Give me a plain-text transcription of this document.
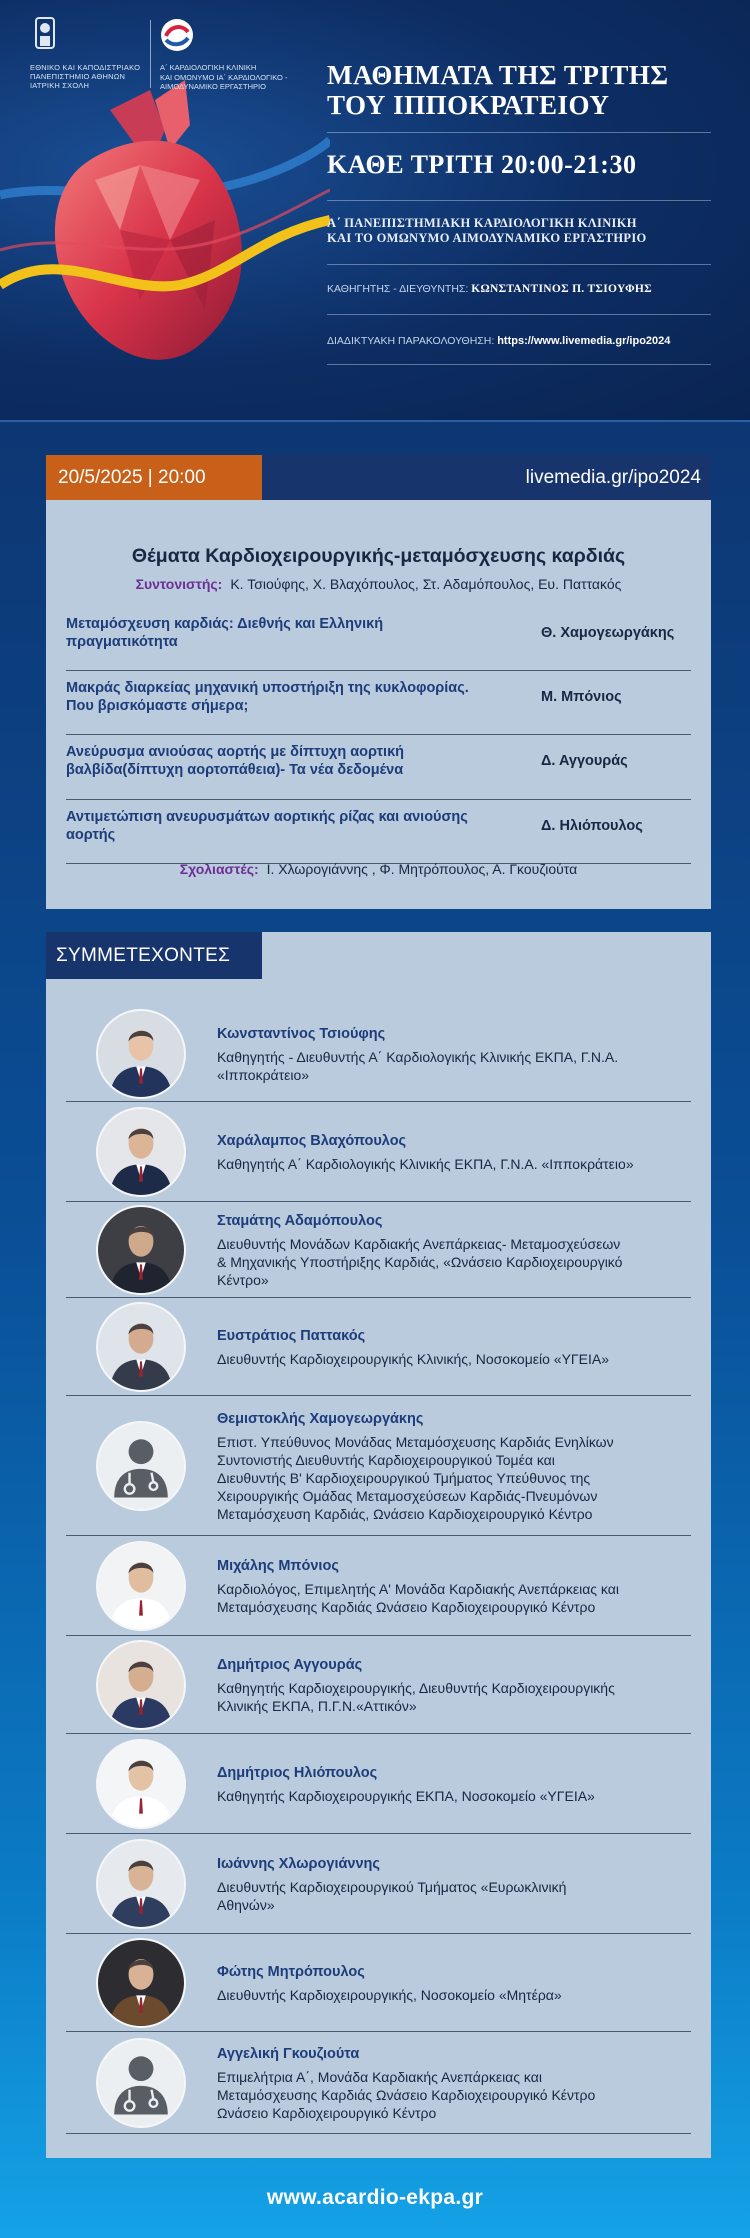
ΕΘΝΙΚΟ ΚΑΙ ΚΑΠΟΔΙΣΤΡΙΑΚΟ
ΠΑΝΕΠΙΣΤΗΜΙΟ ΑΘΗΝΩΝ
ΙΑΤΡΙΚΗ ΣΧΟΛΗ
Α΄ ΚΑΡΔΙΟΛΟΓΙΚΗ ΚΛΙΝΙΚΗ
ΚΑΙ ΟΜΩΝΥΜΟ ΙΑ΄ ΚΑΡΔΙΟΛΟΓΙΚΟ -
ΑΙΜΟΔΥΝΑΜΙΚΟ ΕΡΓΑΣΤΗΡΙΟ	ΜΑΘΗΜΑΤΑ ΤΗΣ ΤΡΙΤΗΣ
ΤΟΥ ΙΠΠΟΚΡΑΤΕΙΟΥ
ΚΑΘΕ ΤΡΙΤΗ 20:00-21:30
Α΄ ΠΑΝΕΠΙΣΤΗΜΙΑΚΗ ΚΑΡΔΙΟΛΟΓΙΚΗ ΚΛΙΝΙΚΗ
ΚΑΙ ΤΟ ΟΜΩΝΥΜΟ ΑΙΜΟΔΥΝΑΜΙΚΟ ΕΡΓΑΣΤΗΡΙΟ
ΚΑΘΗΓΗΤΗΣ - ΔΙΕΥΘΥΝΤΗΣ: ΚΩΝΣΤΑΝΤΙΝΟΣ Π. ΤΣΙΟΥΦΗΣ
ΔΙΑΔΙΚΤΥΑΚΗ ΠΑΡΑΚΟΛΟΥΘΗΣΗ: https://www.livemedia.gr/ipo2024
20/5/2025 | 20:00	livemedia.gr/ipo2024
Θέματα Καρδιοχειρουργικής-μεταμόσχευσης καρδιάς
Συντονιστής: Κ. Τσιούφης, Χ. Βλαχόπουλος, Στ. Αδαμόπουλος, Ευ. Παττακός
Μεταμόσχευση καρδιάς: Διεθνής και Ελληνική
πραγματικότητα
Θ. Χαμογεωργάκης
Μακράς διαρκείας μηχανική υποστήριξη της κυκλοφορίας.
Που βρισκόμαστε σήμερα;
Μ. Μπόνιος
Ανεύρυσμα ανιούσας αορτής με δίπτυχη αορτική
βαλβίδα(δίπτυχη αορτοπάθεια)- Τα νέα δεδομένα
Δ. Αγγουράς
Αντιμετώπιση ανευρυσμάτων αορτικής ρίζας και ανιούσης
αορτής
Δ. Ηλιόπουλος
Σχολιαστές: Ι. Χλωρογιάννης , Φ. Μητρόπουλος, Α. Γκουζιούτα
ΣΥΜΜΕΤΕΧΟΝΤΕΣ
Κωνσταντίνος Τσιούφης
Καθηγητής - Διευθυντής Α΄ Καρδιολογικής Κλινικής ΕΚΠΑ, Γ.Ν.Α.
«Ιπποκράτειο»
Χαράλαμπος Βλαχόπουλος
Καθηγητής Α΄ Καρδιολογικής Κλινικής ΕΚΠΑ, Γ.Ν.Α. «Ιπποκράτειο»
Σταμάτης Αδαμόπουλος
Διευθυντής Μονάδων Καρδιακής Ανεπάρκειας- Μεταμοσχεύσεων
& Μηχανικής Υποστήριξης Καρδιάς, «Ωνάσειο Καρδιοχειρουργικό
Κέντρο»
Ευστράτιος Παττακός
Διευθυντής Καρδιοχειρουργικής Κλινικής, Νοσοκομείο «ΥΓΕΙΑ»
Θεμιστοκλής Χαμογεωργάκης
Επιστ. Υπεύθυνος Μονάδας Μεταμόσχευσης Καρδιάς Ενηλίκων
Συντονιστής Διευθυντής Καρδιοχειρουργικού Τομέα και
Διευθυντής Β' Καρδιοχειρουργικού Τμήματος Υπεύθυνος της
Χειρουργικής Ομάδας Μεταμοσχεύσεων Καρδιάς-Πνευμόνων
Μεταμόσχευση Καρδιάς, Ωνάσειο Καρδιοχειρουργικό Κέντρο
Μιχάλης Μπόνιος
Καρδιολόγος, Επιμελητής Α' Μονάδα Καρδιακής Ανεπάρκειας και
Μεταμόσχευσης Καρδιάς Ωνάσειο Καρδιοχειρουργικό Κέντρο
Δημήτριος Αγγουράς
Καθηγητής Καρδιοχειρουργικής, Διευθυντής Καρδιοχειρουργικής
Κλινικής ΕΚΠΑ, Π.Γ.Ν.«Αττικόν»
Δημήτριος Ηλιόπουλος
Καθηγητής Καρδιοχειρουργικής ΕΚΠΑ, Νοσοκομείο «ΥΓΕΙΑ»
Ιωάννης Χλωρογιάννης
Διευθυντής Καρδιοχειρουργικού Τμήματος «Ευρωκλινική
Αθηνών»
Φώτης Μητρόπουλος
Διευθυντής Καρδιοχειρουργικής, Νοσοκομείο «Μητέρα»
Αγγελική Γκουζιούτα
Επιμελήτρια Α΄, Μονάδα Καρδιακής Ανεπάρκειας και
Μεταμόσχευσης Καρδιάς Ωνάσειο Καρδιοχειρουργικό Κέντρο
Ωνάσειο Καρδιοχειρουργικό Κέντρο
www.acardio-ekpa.gr
